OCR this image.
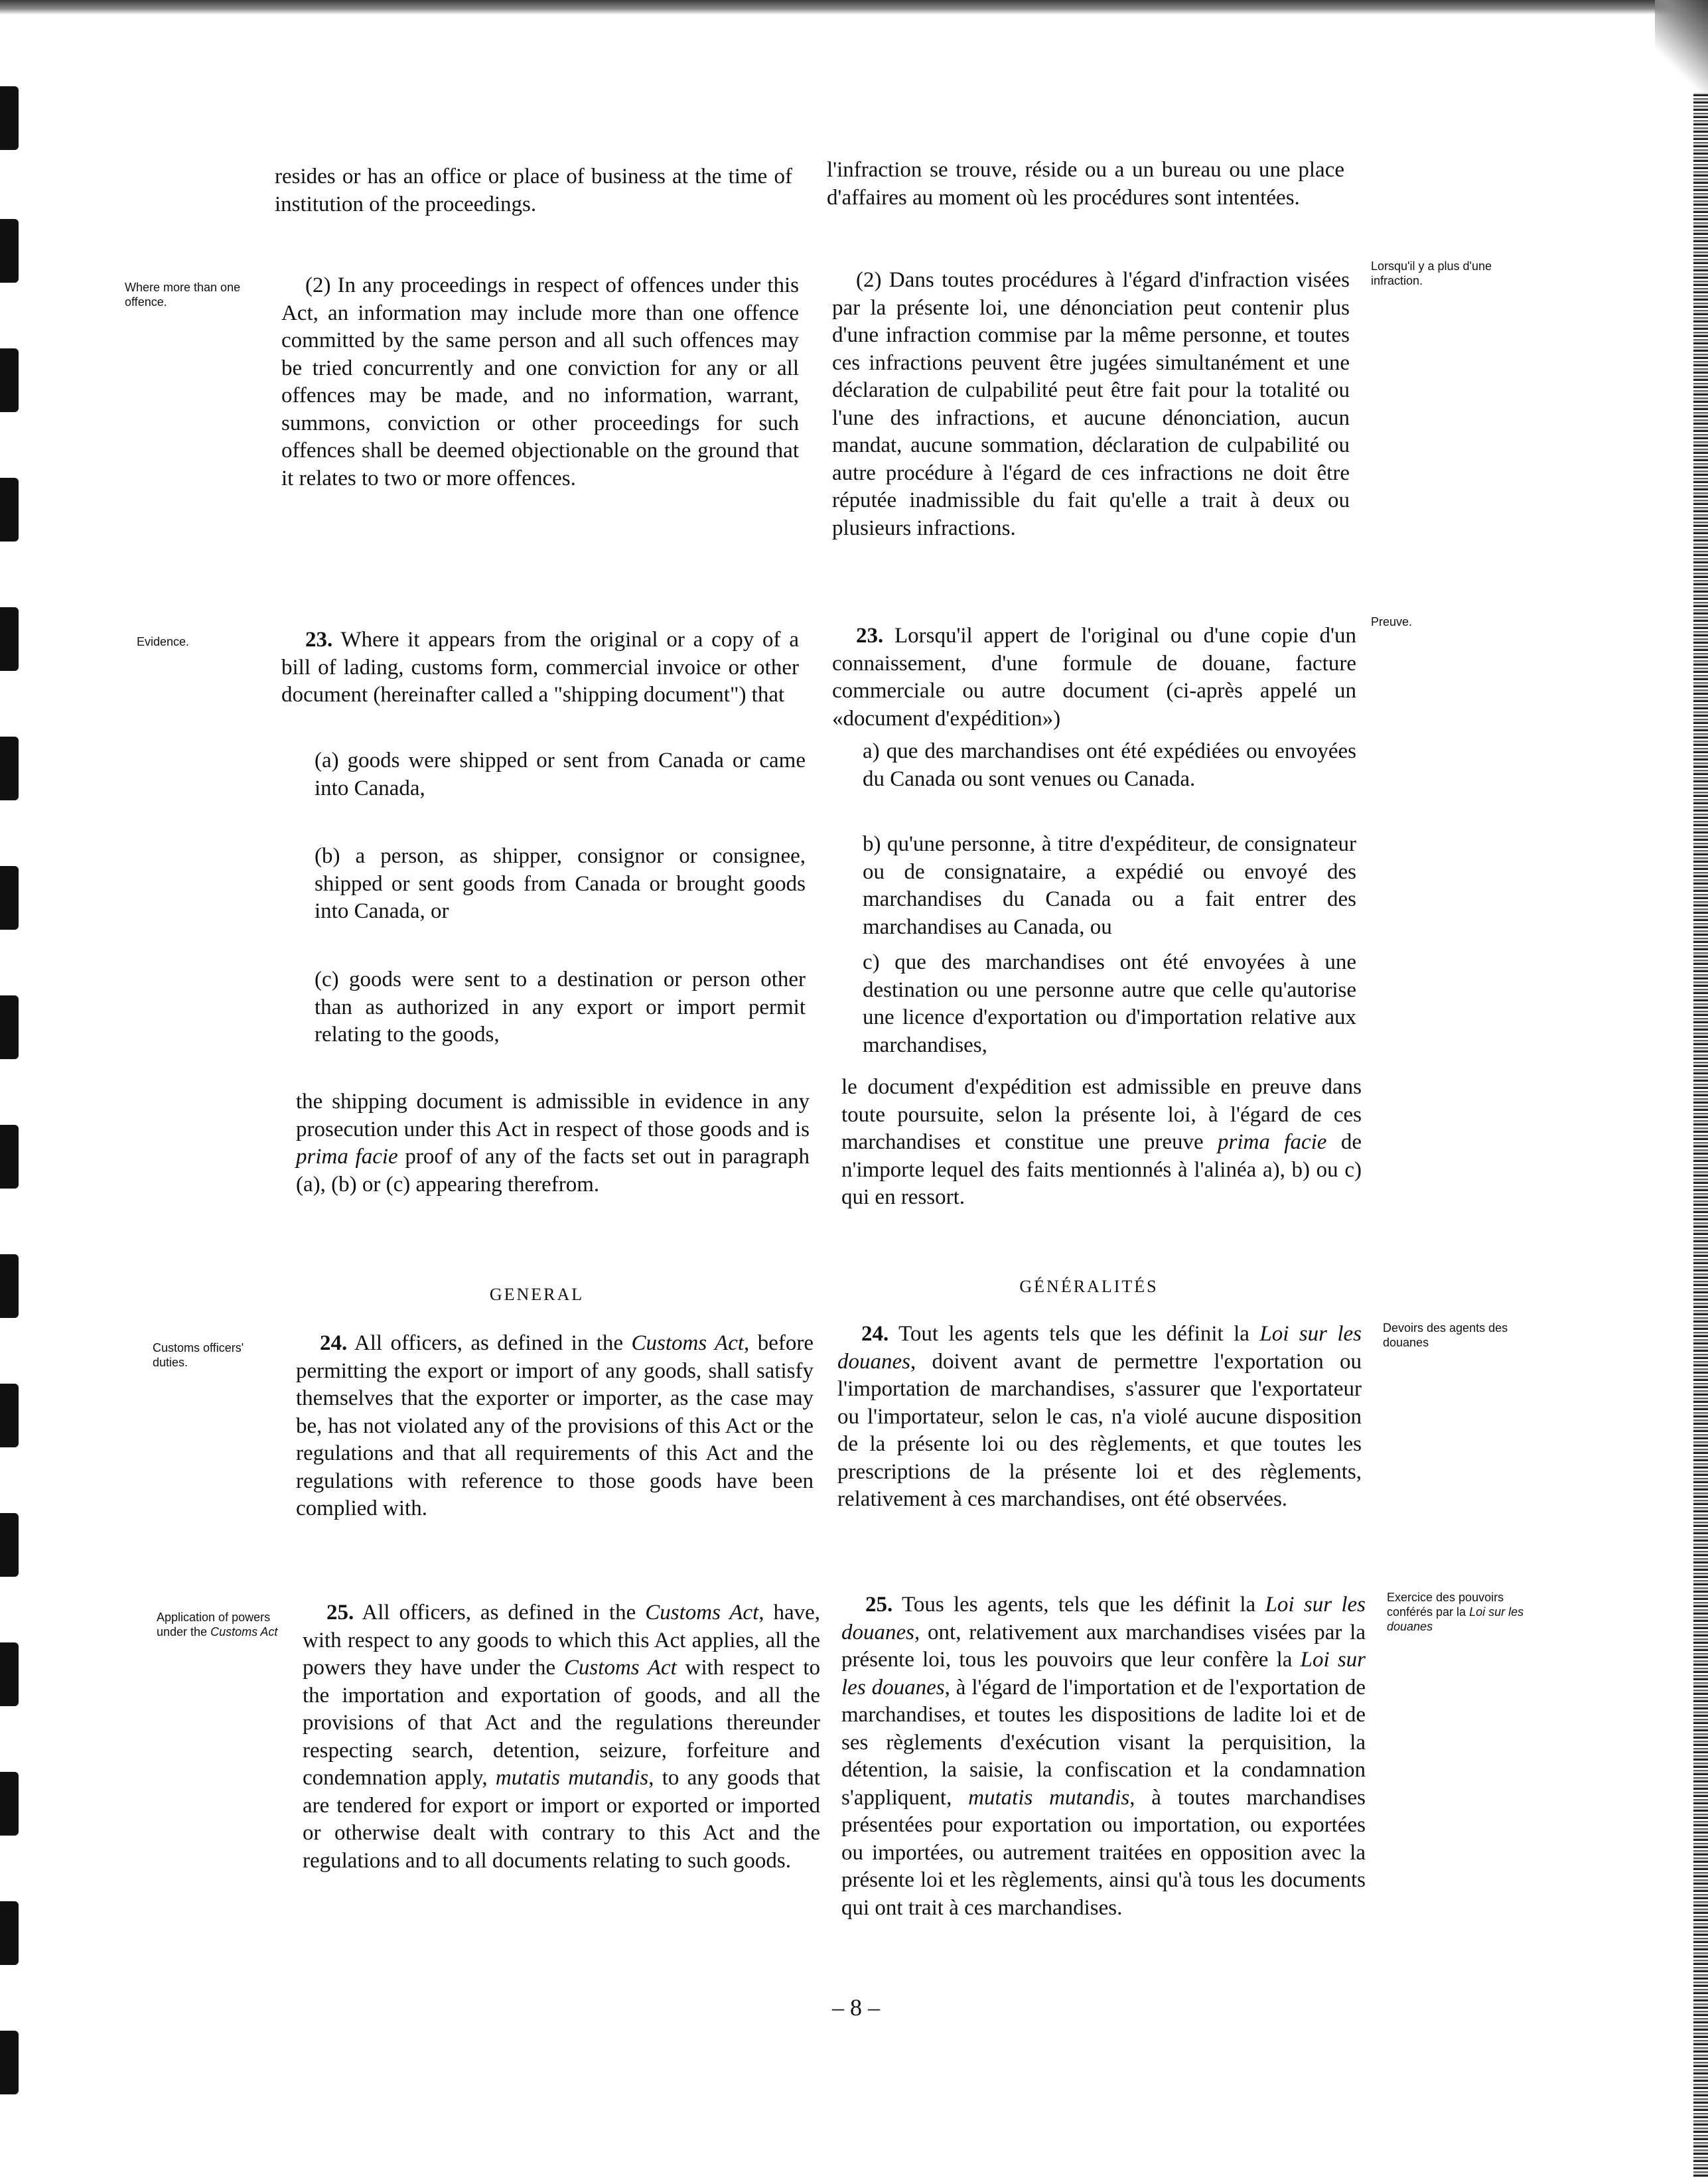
resides or has an office or place of business at the time of institution of the proceedings.

l'infraction se trouve, réside ou a un bureau ou une place d'affaires au moment où les procédures sont intentées.

Where more than one offence.
Lorsqu'il y a plus d'une infraction.

(2) In any proceedings in respect of offences under this Act, an information may include more than one offence committed by the same person and all such offences may be tried concurrently and one conviction for any or all offences may be made, and no information, warrant, summons, conviction or other proceedings for such offences shall be deemed objectionable on the ground that it relates to two or more offences.

(2) Dans toutes procédures à l'égard d'infraction visées par la présente loi, une dénonciation peut contenir plus d'une infraction commise par la même personne, et toutes ces infractions peuvent être jugées simultanément et une déclaration de culpabilité peut être fait pour la totalité ou l'une des infractions, et aucune dénonciation, aucun mandat, aucune sommation, déclaration de culpabilité ou autre procédure à l'égard de ces infractions ne doit être réputée inadmissible du fait qu'elle a trait à deux ou plusieurs infractions.

Evidence.
Preuve.

23. Where it appears from the original or a copy of a bill of lading, customs form, commercial invoice or other document (hereinafter called a "shipping document") that

(a) goods were shipped or sent from Canada or came into Canada,

(b) a person, as shipper, consignor or consignee, shipped or sent goods from Canada or brought goods into Canada, or

(c) goods were sent to a destination or person other than as authorized in any export or import permit relating to the goods,

the shipping document is admissible in evidence in any prosecution under this Act in respect of those goods and is prima facie proof of any of the facts set out in paragraph (a), (b) or (c) appearing therefrom.

23. Lorsqu'il appert de l'original ou d'une copie d'un connaissement, d'une formule de douane, facture commerciale ou autre document (ci-après appelé un «document d'expédition»)

a) que des marchandises ont été expédiées ou envoyées du Canada ou sont venues ou Canada.

b) qu'une personne, à titre d'expéditeur, de consignateur ou de consignataire, a expédié ou envoyé des marchandises du Canada ou a fait entrer des marchandises au Canada, ou

c) que des marchandises ont été envoyées à une destination ou une personne autre que celle qu'autorise une licence d'exportation ou d'importation relative aux marchandises,

le document d'expédition est admissible en preuve dans toute poursuite, selon la présente loi, à l'égard de ces marchandises et constitue une preuve prima facie de n'importe lequel des faits mentionnés à l'alinéa a), b) ou c) qui en ressort.

GENERAL	GÉNÉRALITÉS
Customs officers' duties.
Devoirs des agents des douanes

24. All officers, as defined in the Customs Act, before permitting the export or import of any goods, shall satisfy themselves that the exporter or importer, as the case may be, has not violated any of the provisions of this Act or the regulations and that all requirements of this Act and the regulations with reference to those goods have been complied with.

24. Tout les agents tels que les définit la Loi sur les douanes, doivent avant de permettre l'exportation ou l'importation de marchandises, s'assurer que l'exportateur ou l'importateur, selon le cas, n'a violé aucune disposition de la présente loi ou des règlements, et que toutes les prescriptions de la présente loi et des règlements, relativement à ces marchandises, ont été observées.

Application of powers under the Customs Act
Exercice des pouvoirs conférés par la Loi sur les douanes

25. All officers, as defined in the Customs Act, have, with respect to any goods to which this Act applies, all the powers they have under the Customs Act with respect to the importation and exportation of goods, and all the provisions of that Act and the regulations thereunder respecting search, detention, seizure, forfeiture and condemnation apply, mutatis mutandis, to any goods that are tendered for export or import or exported or imported or otherwise dealt with contrary to this Act and the regulations and to all documents relating to such goods.

25. Tous les agents, tels que les définit la Loi sur les douanes, ont, relativement aux marchandises visées par la présente loi, tous les pouvoirs que leur confère la Loi sur les douanes, à l'égard de l'importation et de l'exportation de marchandises, et toutes les dispositions de ladite loi et de ses règlements d'exécution visant la perquisition, la détention, la saisie, la confiscation et la condamnation s'appliquent, mutatis mutandis, à toutes marchandises présentées pour exportation ou importation, ou exportées ou importées, ou autrement traitées en opposition avec la présente loi et les règlements, ainsi qu'à tous les documents qui ont trait à ces marchandises.

– 8 –
